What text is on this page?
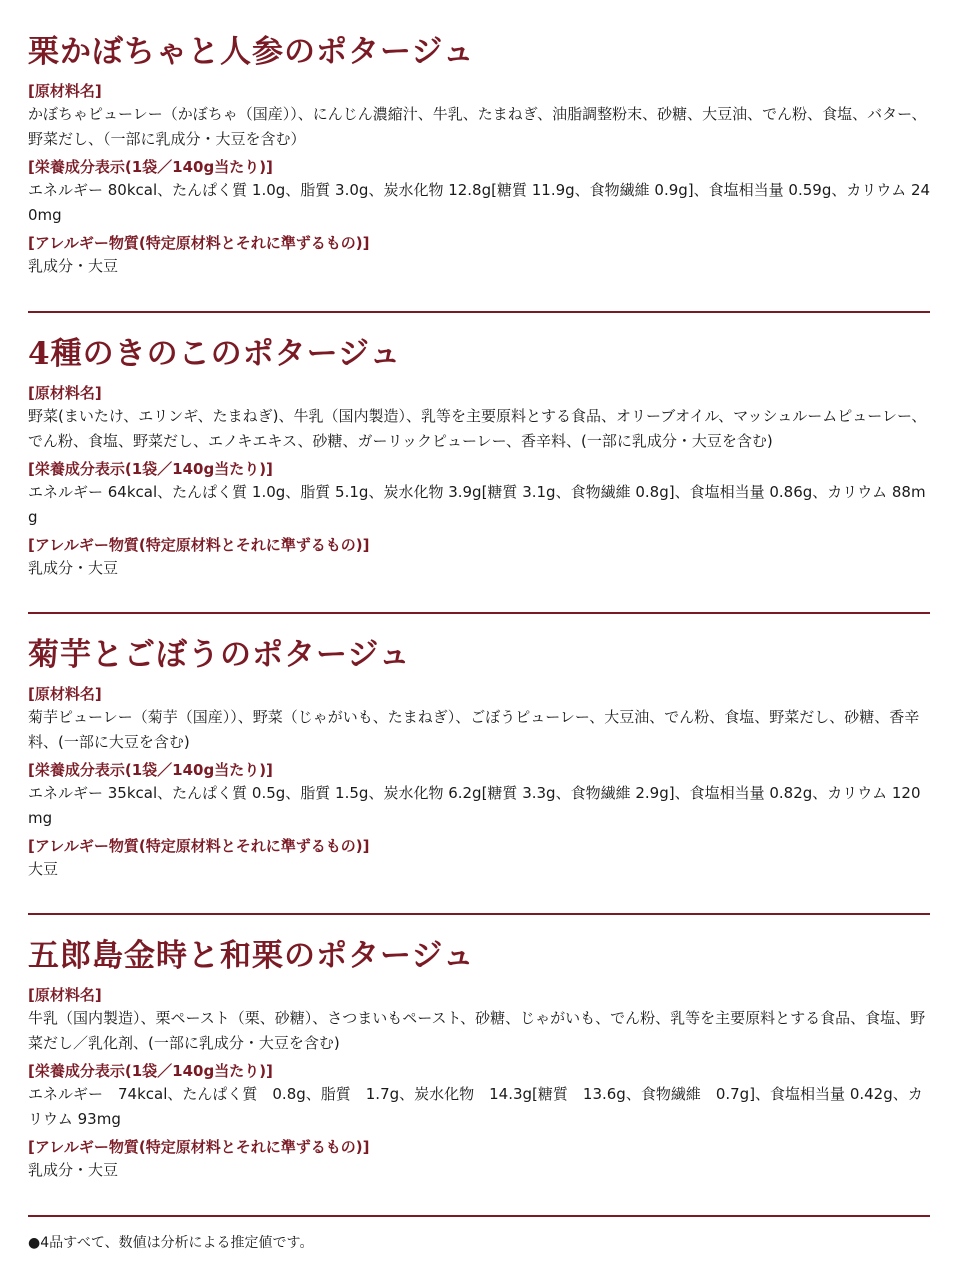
栗かぼちゃと人参のポタージュ

[原材料名]

かぼちゃピューレー（かぼちゃ（国産））、にんじん濃縮汁、牛乳、たまねぎ、油脂調整粉末、砂糖、大豆油、でん粉、食塩、バター、野菜だし、（一部に乳成分・大豆を含む）

[栄養成分表示(1袋／140g当たり)]

エネルギー 80kcal、たんぱく質 1.0g、脂質 3.0g、炭水化物 12.8g[糖質 11.9g、食物繊維 0.9g]、食塩相当量 0.59g、カリウム 240mg

[アレルギー物質(特定原材料とそれに準ずるもの)]

乳成分・大豆

4種のきのこのポタージュ

[原材料名]

野菜(まいたけ、エリンギ、たまねぎ)、牛乳（国内製造）、乳等を主要原料とする食品、オリーブオイル、マッシュルームピューレー、でん粉、食塩、野菜だし、エノキエキス、砂糖、ガーリックピューレー、香辛料、(一部に乳成分・大豆を含む)

[栄養成分表示(1袋／140g当たり)]

エネルギー 64kcal、たんぱく質 1.0g、脂質 5.1g、炭水化物 3.9g[糖質 3.1g、食物繊維 0.8g]、食塩相当量 0.86g、カリウム 88mg

[アレルギー物質(特定原材料とそれに準ずるもの)]

乳成分・大豆

菊芋とごぼうのポタージュ

[原材料名]

菊芋ピューレー（菊芋（国産））、野菜（じゃがいも、たまねぎ）、ごぼうピューレー、大豆油、でん粉、食塩、野菜だし、砂糖、香辛料、(一部に大豆を含む)

[栄養成分表示(1袋／140g当たり)]

エネルギー 35kcal、たんぱく質 0.5g、脂質 1.5g、炭水化物 6.2g[糖質 3.3g、食物繊維 2.9g]、食塩相当量 0.82g、カリウム 120mg

[アレルギー物質(特定原材料とそれに準ずるもの)]

大豆

五郎島金時と和栗のポタージュ

[原材料名]

牛乳（国内製造）、栗ペースト（栗、砂糖）、さつまいもペースト、砂糖、じゃがいも、でん粉、乳等を主要原料とする食品、食塩、野菜だし／乳化剤、(一部に乳成分・大豆を含む)

[栄養成分表示(1袋／140g当たり)]

エネルギー　74kcal、たんぱく質　0.8g、脂質　1.7g、炭水化物　14.3g[糖質　13.6g、食物繊維　0.7g]、食塩相当量 0.42g、カリウム 93mg

[アレルギー物質(特定原材料とそれに準ずるもの)]

乳成分・大豆

●4品すべて、数値は分析による推定値です。
